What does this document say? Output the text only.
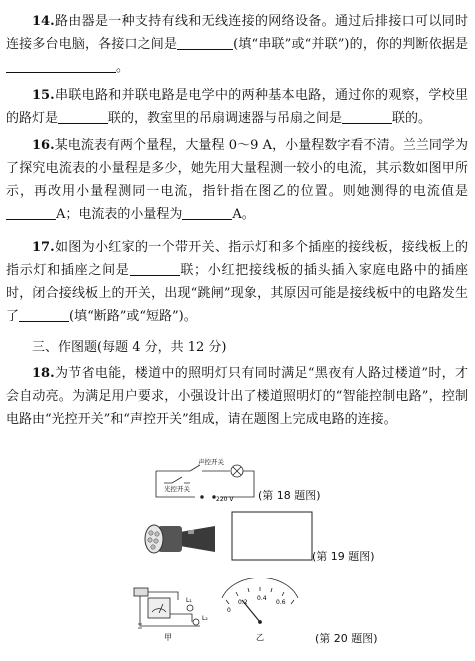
14.路由器是一种支持有线和无线连接的网络设备。通过后排接口可以同时连接多台电脑，各接口之间是	(填“串联”或“并联”)的，你的判断依据是。
15.串联电路和并联电路是电学中的两种基本电路，通过你的观察，学校里的路灯是	联的，教室里的吊扇调速器与吊扇之间是	联的。
16.某电流表有两个量程，大量程 0～9 A，小量程数字看不清。兰兰同学为了探究电流表的小量程是多少，她先用大量程测一较小的电流，其示数如图甲所示，再改用小量程测同一电流，指针指在图乙的位置。则她测得的电流值是A；电流表的小量程为	A。
17.如图为小红家的一个带开关、指示灯和多个插座的接线板，接线板上的指示灯和插座之间是	联；小红把接线板的插头插入家庭电路中的插座时，闭合接线板上的开关，出现“跳闸”现象，其原因可能是接线板中的电路发生了	(填“断路”或“短路”)。
三、作图题(每题 4 分，共 12 分)
18.为节省电能，楼道中的照明灯只有同时满足“黑夜有人路过楼道”时，才会自动亮。为满足用户要求，小强设计出了楼道照明灯的“智能控制电路”，控制电路由“光控开关”和“声控开关”组成，请在题图上完成电路的连接。
声控开关
光控开关
220 V (第 18 题图)
(第 19 题图)
L₁
L₂
0
0.2
0.4
0.6
甲	乙	(第 20 题图)
